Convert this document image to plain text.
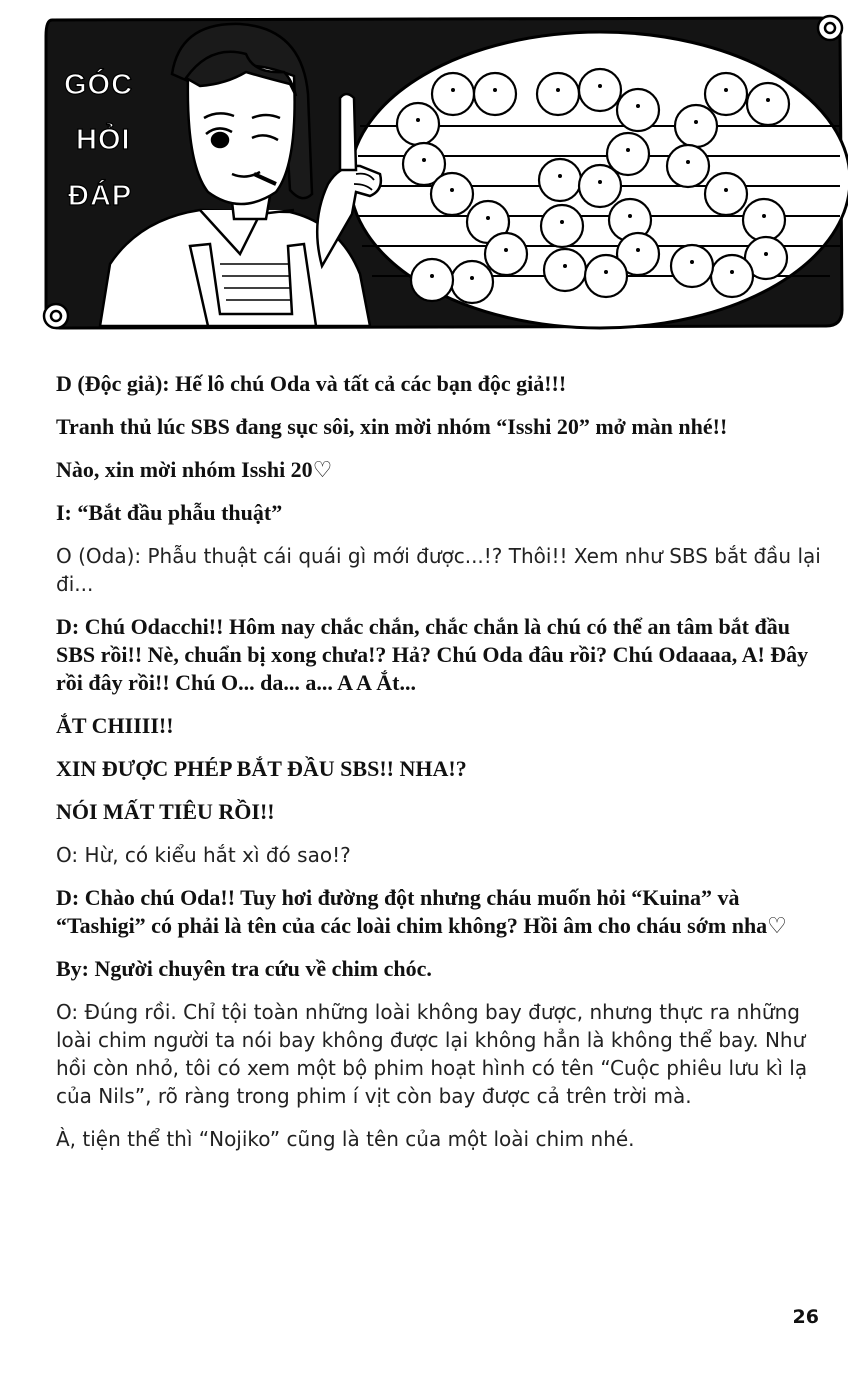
GÓC
HỎI
ĐÁP

D (Độc giả): Hế lô chú Oda và tất cả các bạn độc giả!!!

Tranh thủ lúc SBS đang sục sôi, xin mời nhóm “Isshi 20” mở màn nhé!!

Nào, xin mời nhóm Isshi 20♡

I: “Bắt đầu phẫu thuật”

O (Oda): Phẫu thuật cái quái gì mới được...!? Thôi!! Xem như SBS bắt đầu lại đi...

D: Chú Odacchi!! Hôm nay chắc chắn, chắc chắn là chú có thể an tâm bắt đầu SBS rồi!! Nè, chuẩn bị xong chưa!? Hả? Chú Oda đâu rồi? Chú Odaaaa, A! Đây rồi đây rồi!! Chú O... da... a... A A Ắt...

ẮT CHIIII!!

XIN ĐƯỢC PHÉP BẮT ĐẦU SBS!! NHA!?

NÓI MẤT TIÊU RỒI!!

O: Hừ, có kiểu hắt xì đó sao!?

D: Chào chú Oda!! Tuy hơi đường đột nhưng cháu muốn hỏi “Kuina” và “Tashigi” có phải là tên của các loài chim không? Hồi âm cho cháu sớm nha♡

By: Người chuyên tra cứu về chim chóc.

O: Đúng rồi. Chỉ tội toàn những loài không bay được, nhưng thực ra những loài chim người ta nói bay không được lại không hẳn là không thể bay. Như hồi còn nhỏ, tôi có xem một bộ phim hoạt hình có tên “Cuộc phiêu lưu kì lạ của Nils”, rõ ràng trong phim í vịt còn bay được cả trên trời mà.

À, tiện thể thì “Nojiko” cũng là tên của một loài chim nhé.

26
